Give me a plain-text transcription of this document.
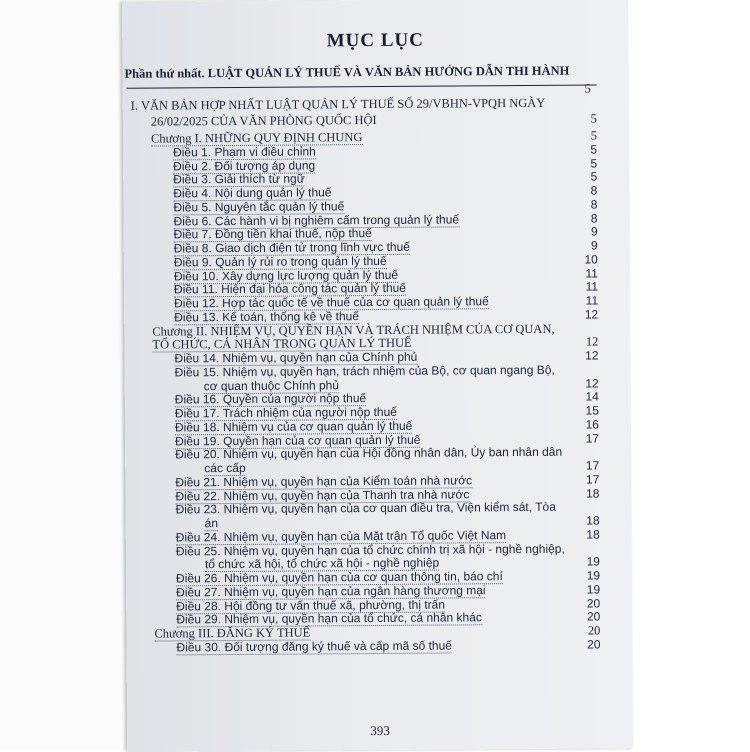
MỤC LỤC
Phần thứ nhất. LUẬT QUẢN LÝ THUẾ VÀ VĂN BẢN HƯỚNG DẪN THI HÀNH
5
I. VĂN BẢN HỢP NHẤT LUẬT QUẢN LÝ THUẾ SỐ 29/VBHN-VPQH NGÀY
26/02/2025 CỦA VĂN PHÒNG QUỐC HỘI	5
Chương I. NHỮNG QUY ĐỊNH CHUNG	5
Điều 1. Phạm vi điều chỉnh	5
Điều 2. Đối tượng áp dụng	5
Điều 3. Giải thích từ ngữ	5
Điều 4. Nội dung quản lý thuế	8
Điều 5. Nguyên tắc quản lý thuế	8
Điều 6. Các hành vi bị nghiêm cấm trong quản lý thuế	8
Điều 7. Đồng tiền khai thuế, nộp thuế	9
Điều 8. Giao dịch điện tử trong lĩnh vực thuế	9
Điều 9. Quản lý rủi ro trong quản lý thuế	10
Điều 10. Xây dựng lực lượng quản lý thuế	11
Điều 11. Hiện đại hóa công tác quản lý thuế	11
Điều 12. Hợp tác quốc tế về thuế của cơ quan quản lý thuế	11
Điều 13. Kế toán, thống kê về thuế	12
Chương II. NHIỆM VỤ, QUYỀN HẠN VÀ TRÁCH NHIỆM CỦA CƠ QUAN,
TỔ CHỨC, CÁ NHÂN TRONG QUẢN LÝ THUẾ	12
Điều 14. Nhiệm vụ, quyền hạn của Chính phủ	12
Điều 15. Nhiệm vụ, quyền hạn, trách nhiệm của Bộ, cơ quan ngang Bộ,
cơ quan thuộc Chính phủ	12
Điều 16. Quyền của người nộp thuế	14
Điều 17. Trách nhiệm của người nộp thuế	15
Điều 18. Nhiệm vụ của cơ quan quản lý thuế	16
Điều 19. Quyền hạn của cơ quan quản lý thuế	17
Điều 20. Nhiệm vụ, quyền hạn của Hội đồng nhân dân, Ủy ban nhân dân
các cấp	17
Điều 21. Nhiệm vụ, quyền hạn của Kiểm toán nhà nước	17
Điều 22. Nhiệm vụ, quyền hạn của Thanh tra nhà nước	18
Điều 23. Nhiệm vụ, quyền hạn của cơ quan điều tra, Viện kiểm sát, Tòa
án	18
Điều 24. Nhiệm vụ, quyền hạn của Mặt trận Tổ quốc Việt Nam	18
Điều 25. Nhiệm vụ, quyền hạn của tổ chức chính trị xã hội - nghề nghiệp,
tổ chức xã hội, tổ chức xã hội - nghề nghiệp	19
Điều 26. Nhiệm vụ, quyền hạn của cơ quan thông tin, báo chí	19
Điều 27. Nhiệm vụ, quyền hạn của ngân hàng thương mại	19
Điều 28. Hội đồng tư vấn thuế xã, phường, thị trấn	20
Điều 29. Nhiệm vụ, quyền hạn của tổ chức, cá nhân khác	20
Chương III. ĐĂNG KÝ THUẾ	20
Điều 30. Đối tượng đăng ký thuế và cấp mã số thuế	20
393
